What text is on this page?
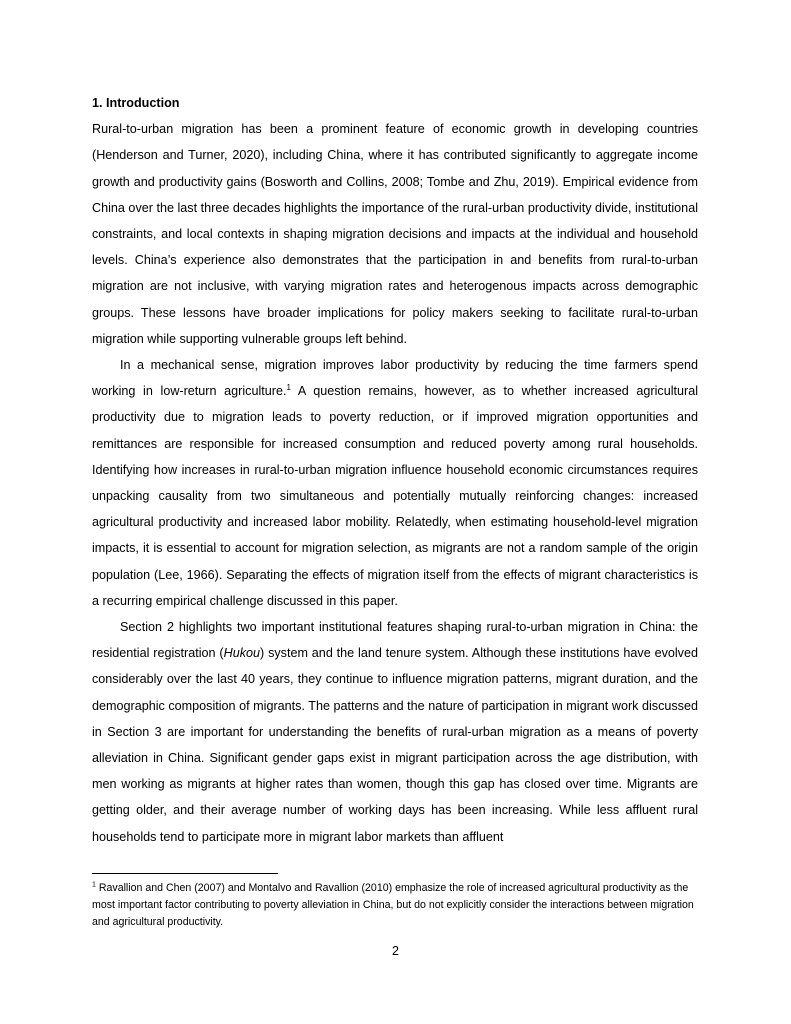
1. Introduction

Rural-to-urban migration has been a prominent feature of economic growth in developing countries (Henderson and Turner, 2020), including China, where it has contributed significantly to aggregate income growth and productivity gains (Bosworth and Collins, 2008; Tombe and Zhu, 2019). Empirical evidence from China over the last three decades highlights the importance of the rural-urban productivity divide, institutional constraints, and local contexts in shaping migration decisions and impacts at the individual and household levels. China’s experience also demonstrates that the participation in and benefits from rural-to-urban migration are not inclusive, with varying migration rates and heterogenous impacts across demographic groups. These lessons have broader implications for policy makers seeking to facilitate rural-to-urban migration while supporting vulnerable groups left behind.

In a mechanical sense, migration improves labor productivity by reducing the time farmers spend working in low-return agriculture.$^1$ A question remains, however, as to whether increased agricultural productivity due to migration leads to poverty reduction, or if improved migration opportunities and remittances are responsible for increased consumption and reduced poverty among rural households. Identifying how increases in rural-to-urban migration influence household economic circumstances requires unpacking causality from two simultaneous and potentially mutually reinforcing changes: increased agricultural productivity and increased labor mobility. Relatedly, when estimating household-level migration impacts, it is essential to account for migration selection, as migrants are not a random sample of the origin population (Lee, 1966). Separating the effects of migration itself from the effects of migrant characteristics is a recurring empirical challenge discussed in this paper.

Section 2 highlights two important institutional features shaping rural-to-urban migration in China: the residential registration (Hukou) system and the land tenure system. Although these institutions have evolved considerably over the last 40 years, they continue to influence migration patterns, migrant duration, and the demographic composition of migrants. The patterns and the nature of participation in migrant work discussed in Section 3 are important for understanding the benefits of rural-urban migration as a means of poverty alleviation in China. Significant gender gaps exist in migrant participation across the age distribution, with men working as migrants at higher rates than women, though this gap has closed over time. Migrants are getting older, and their average number of working days has been increasing. While less affluent rural households tend to participate more in migrant labor markets than affluent

$^1$ Ravallion and Chen (2007) and Montalvo and Ravallion (2010) emphasize the role of increased agricultural productivity as the most important factor contributing to poverty alleviation in China, but do not explicitly consider the interactions between migration and agricultural productivity.

2
